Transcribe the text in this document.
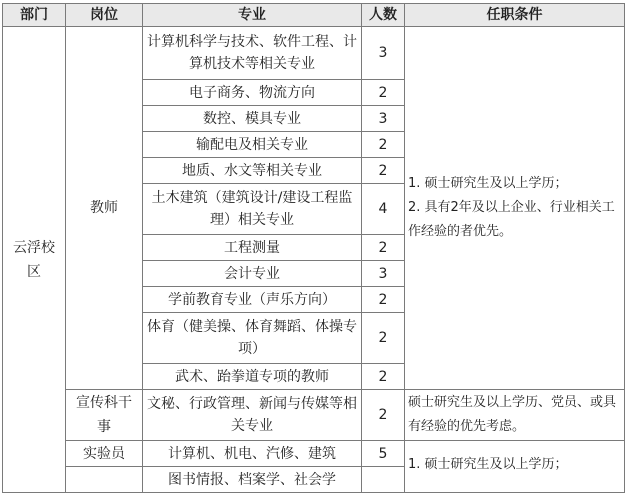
部门	岗位	专业	人数	任职条件
云浮校区	教师	计算机科学与技术、软件工程、计算机技术等相关专业	3	1. 硕士研究生及以上学历；
2. 具有2年及以上企业、行业相关工作经验的者优先。

		电子商务、物流方向	2	
		数控、模具专业	3	
		输配电及相关专业	2	
		地质、水文等相关专业	2	
		土木建筑（建筑设计/建设工程监理）相关专业	4	
		工程测量	2	
		会计专业	3	
		学前教育专业（声乐方向）	2	
		体育（健美操、体育舞蹈、体操专项）	2	
		武术、跆拳道专项的教师	2	

	宣传科干事	文秘、行政管理、新闻与传媒等相关专业	2	硕士研究生及以上学历、党员、或具有经验的优先考虑。
	实验员	计算机、机电、汽修、建筑	5	1. 硕士研究生及以上学历；

		图书情报、档案学、社会学		
